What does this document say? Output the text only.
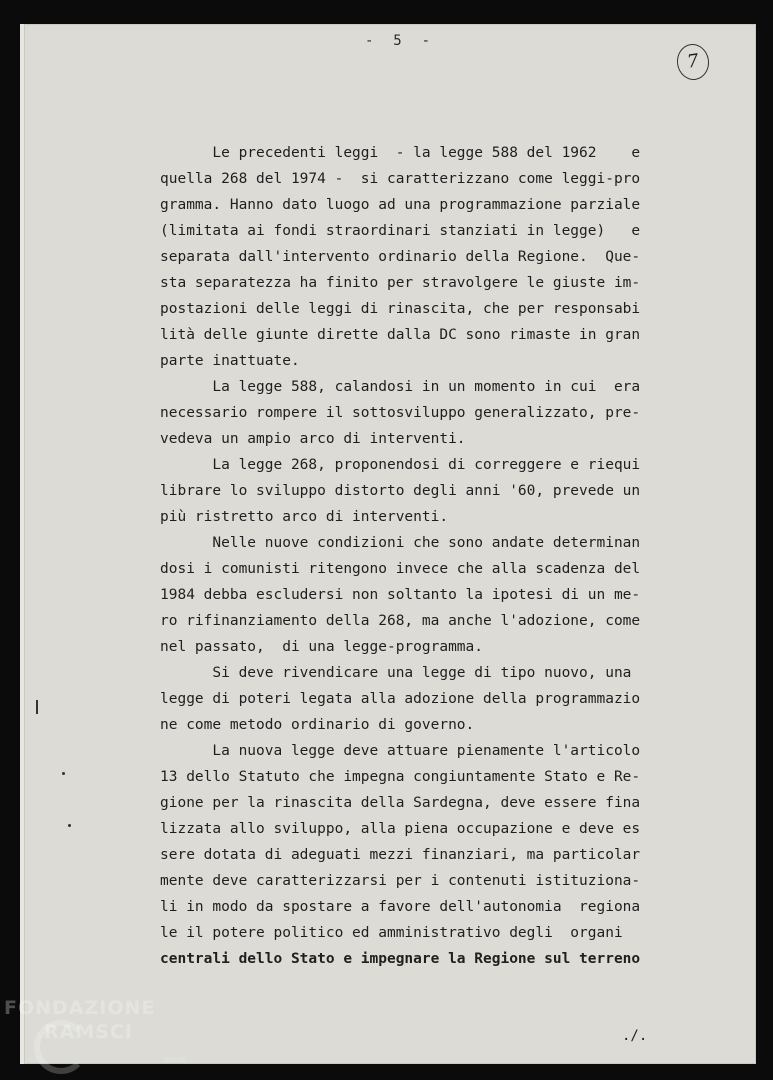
-  5  -
7
Le precedenti leggi  - la legge 588 del 1962    e
quella 268 del 1974 -  si caratterizzano come leggi-pro
gramma. Hanno dato luogo ad una programmazione parziale
(limitata ai fondi straordinari stanziati in legge)   e
separata dall'intervento ordinario della Regione.  Que-
sta separatezza ha finito per stravolgere le giuste im-
postazioni delle leggi di rinascita, che per responsabi
lità delle giunte dirette dalla DC sono rimaste in gran
parte inattuate.
La legge 588, calandosi in un momento in cui  era
necessario rompere il sottosviluppo generalizzato, pre-
vedeva un ampio arco di interventi.
La legge 268, proponendosi di correggere e riequi
librare lo sviluppo distorto degli anni '60, prevede un
più ristretto arco di interventi.
Nelle nuove condizioni che sono andate determinan
dosi i comunisti ritengono invece che alla scadenza del
1984 debba escludersi non soltanto la ipotesi di un me-
ro rifinanziamento della 268, ma anche l'adozione, come
nel passato,  di una legge-programma.
Si deve rivendicare una legge di tipo nuovo, una
legge di poteri legata alla adozione della programmazio
ne come metodo ordinario di governo.
La nuova legge deve attuare pienamente l'articolo
13 dello Statuto che impegna congiuntamente Stato e Re-
gione per la rinascita della Sardegna, deve essere fina
lizzata allo sviluppo, alla piena occupazione e deve es
sere dotata di adeguati mezzi finanziari, ma particolar
mente deve caratterizzarsi per i contenuti istituziona-
li in modo da spostare a favore dell'autonomia  regiona
le il potere politico ed amministrativo degli  organi
centrali dello Stato e impegnare la Regione sul terreno
./.
FONDAZIONE
RAMSCI
onlus
